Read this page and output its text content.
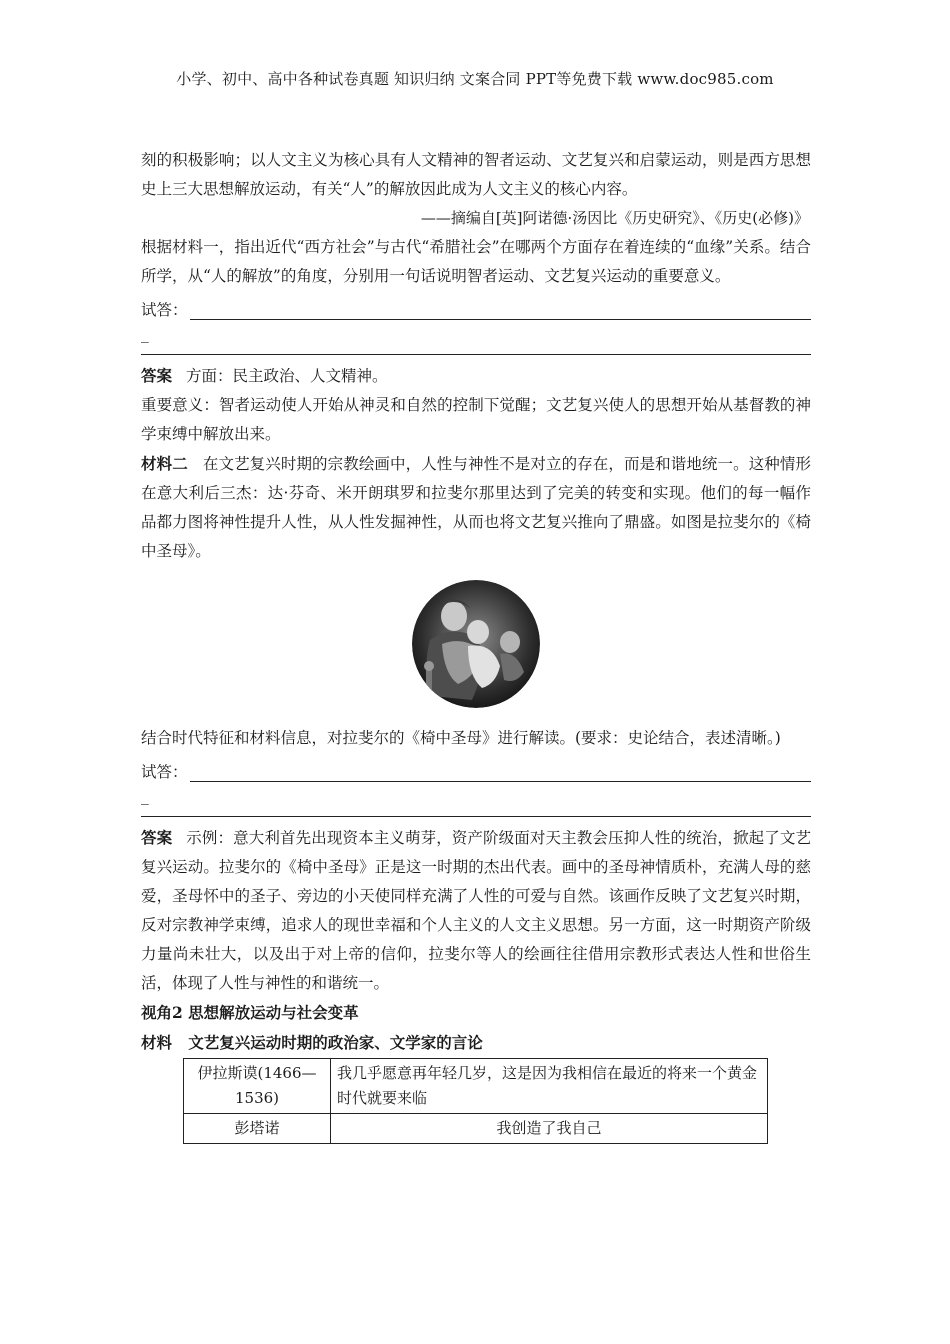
小学、初中、高中各种试卷真题 知识归纳 文案合同 PPT等免费下载 www.doc985.com

刻的积极影响；以人文主义为核心具有人文精神的智者运动、文艺复兴和启蒙运动，则是西方思想史上三大思想解放运动，有关“人”的解放因此成为人文主义的核心内容。

——摘编自[英]阿诺德·汤因比《历史研究》、《历史(必修)》

根据材料一，指出近代“西方社会”与古代“希腊社会”在哪两个方面存在着连续的“血缘”关系。结合所学，从“人的解放”的角度，分别用一句话说明智者运动、文艺复兴运动的重要意义。

试答：
_

答案 方面：民主政治、人文精神。

重要意义：智者运动使人开始从神灵和自然的控制下觉醒；文艺复兴使人的思想开始从基督教的神学束缚中解放出来。

材料二 在文艺复兴时期的宗教绘画中，人性与神性不是对立的存在，而是和谐地统一。这种情形在意大利后三杰：达·芬奇、米开朗琪罗和拉斐尔那里达到了完美的转变和实现。他们的每一幅作品都力图将神性提升人性，从人性发掘神性，从而也将文艺复兴推向了鼎盛。如图是拉斐尔的《椅中圣母》。

结合时代特征和材料信息，对拉斐尔的《椅中圣母》进行解读。(要求：史论结合，表述清晰。)

试答：
_

答案 示例：意大利首先出现资本主义萌芽，资产阶级面对天主教会压抑人性的统治，掀起了文艺复兴运动。拉斐尔的《椅中圣母》正是这一时期的杰出代表。画中的圣母神情质朴，充满人母的慈爱，圣母怀中的圣子、旁边的小天使同样充满了人性的可爱与自然。该画作反映了文艺复兴时期，反对宗教神学束缚，追求人的现世幸福和个人主义的人文主义思想。另一方面，这一时期资产阶级力量尚未壮大，以及出于对上帝的信仰，拉斐尔等人的绘画往往借用宗教形式表达人性和世俗生活，体现了人性与神性的和谐统一。

视角2 思想解放运动与社会变革
材料 文艺复兴运动时期的政治家、文学家的言论
伊拉斯谟(1466—1536)	我几乎愿意再年轻几岁，这是因为我相信在最近的将来一个黄金时代就要来临
彭塔诺	我创造了我自己
